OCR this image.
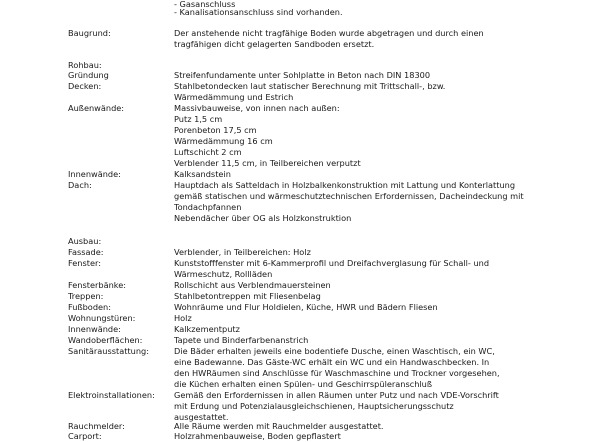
- Gasanschluss
- Kanalisationsanschluss sind vorhanden.
Baugrund:	Der anstehende nicht tragfähige Boden wurde abgetragen und durch einen
tragfähigen dicht gelagerten Sandboden ersetzt.
Rohbau:
Gründung	Streifenfundamente unter Sohlplatte in Beton nach DIN 18300
Decken:	Stahlbetondecken laut statischer Berechnung mit Trittschall-, bzw.
Wärmedämmung und Estrich
Außenwände:	Massivbauweise, von innen nach außen:
Putz 1,5 cm
Porenbeton 17,5 cm
Wärmedämmung 16 cm
Luftschicht 2 cm
Verblender 11,5 cm, in Teilbereichen verputzt
Innenwände:	Kalksandstein
Dach:	Hauptdach als Satteldach in Holzbalkenkonstruktion mit Lattung und Konterlattung
gemäß statischen und wärmeschutztechnischen Erfordernissen, Dacheindeckung mit
Tondachpfannen
Nebendächer über OG als Holzkonstruktion
Ausbau:
Fassade:	Verblender, in Teilbereichen: Holz
Fenster:	Kunststofffenster mit 6-Kammerprofil und Dreifachverglasung für Schall- und
Wärmeschutz, Rollläden
Fensterbänke:	Rollschicht aus Verblendmauersteinen
Treppen:	Stahlbetontreppen mit Fliesenbelag
Fußboden:	Wohnräume und Flur Holdielen, Küche, HWR und Bädern Fliesen
Wohnungstüren:	Holz
Innenwände:	Kalkzementputz
Wandoberflächen:	Tapete und Binderfarbenanstrich
Sanitärausstattung:	Die Bäder erhalten jeweils eine bodentiefe Dusche, einen Waschtisch, ein WC,
eine Badewanne. Das Gäste-WC erhält ein WC und ein Handwaschbecken. In
den HWRäumen sind Anschlüsse für Waschmaschine und Trockner vorgesehen,
die Küchen erhalten einen Spülen- und Geschirrspüleranschluß
Elektroinstallationen: Gemäß den Erfordernissen in allen Räumen unter Putz und nach VDE-Vorschrift
mit Erdung und Potenzialausgleichschienen, Hauptsicherungsschutz
ausgestattet.
Rauchmelder:	Alle Räume werden mit Rauchmelder ausgestattet.
Carport:	Holzrahmenbauweise, Boden gepflastert
